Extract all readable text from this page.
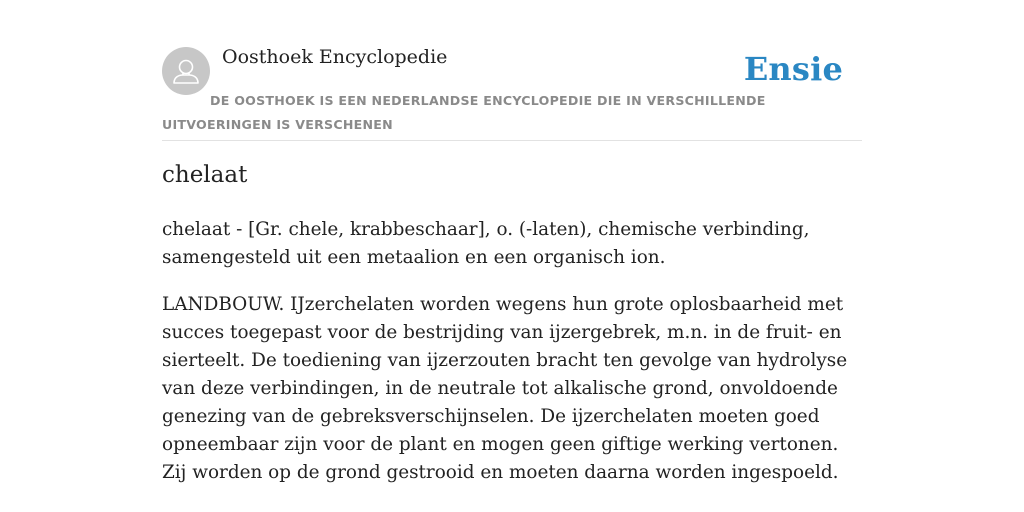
Oosthoek Encyclopedie	Ensie
DE OOSTHOEK IS EEN NEDERLANDSE ENCYCLOPEDIE DIE IN VERSCHILLENDE UITVOERINGEN IS VERSCHENEN
chelaat

chelaat - [Gr. chele, krabbeschaar], o. (-laten), chemische verbinding, samengesteld uit een metaalion en een organisch ion.

LANDBOUW. IJzerchelaten worden wegens hun grote oplosbaarheid met succes toegepast voor de bestrijding van ijzergebrek, m.n. in de fruit- en sierteelt. De toediening van ijzerzouten bracht ten gevolge van hydrolyse van deze verbindingen, in de neutrale tot alkalische grond, onvoldoende genezing van de gebreksverschijnselen. De ijzerchelaten moeten goed opneembaar zijn voor de plant en mogen geen giftige werking vertonen. Zij worden op de grond gestrooid en moeten daarna worden ingespoeld.
